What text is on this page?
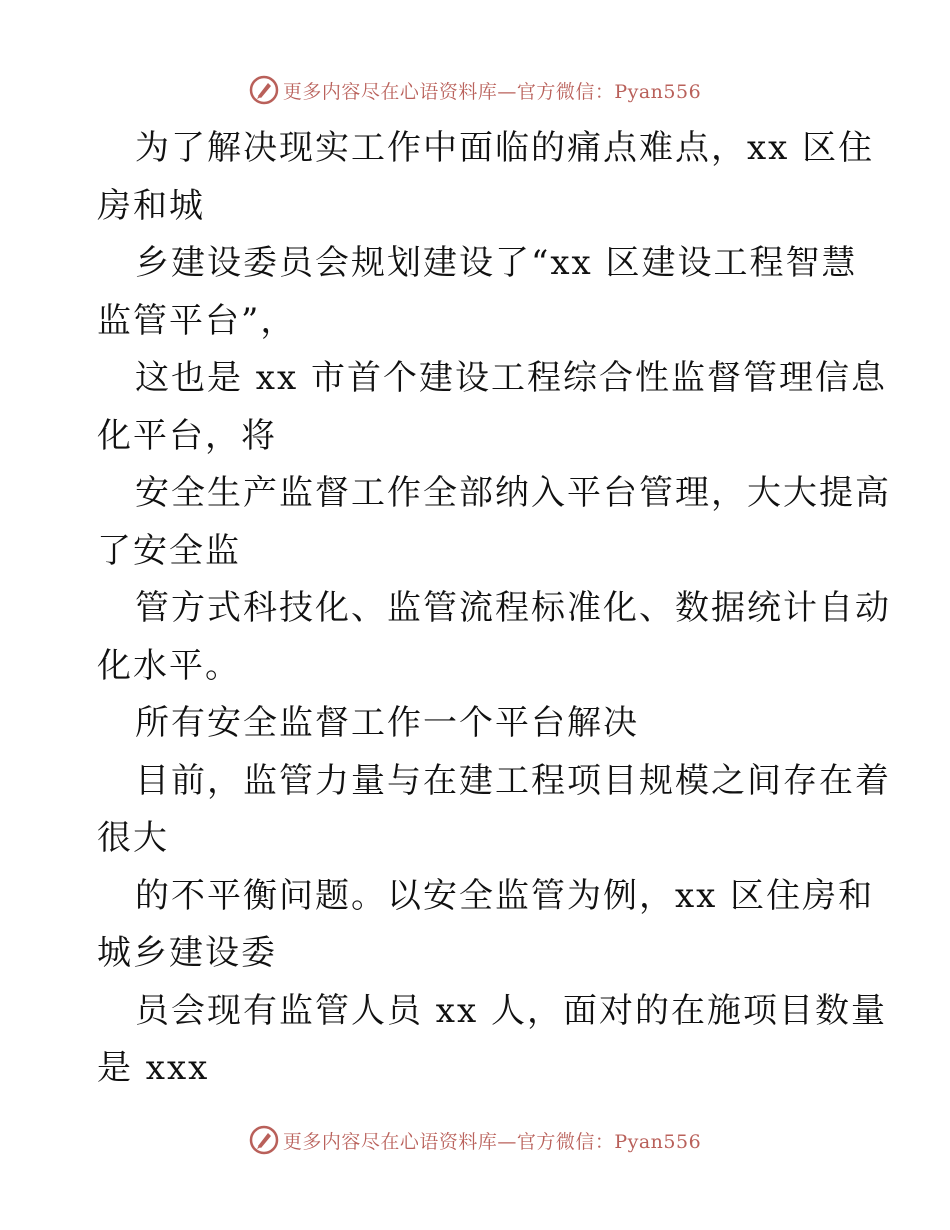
更多内容尽在心语资料库—官方微信：Pyan556
为了解决现实工作中面临的痛点难点，xx 区住
房和城
乡建设委员会规划建设了“xx 区建设工程智慧
监管平台”，
这也是 xx 市首个建设工程综合性监督管理信息
化平台，将
安全生产监督工作全部纳入平台管理，大大提高
了安全监
管方式科技化、监管流程标准化、数据统计自动
化水平。
所有安全监督工作一个平台解决
目前，监管力量与在建工程项目规模之间存在着
很大
的不平衡问题。以安全监管为例，xx 区住房和
城乡建设委
员会现有监管人员 xx 人，面对的在施项目数量
是 xxx
更多内容尽在心语资料库—官方微信：Pyan556
